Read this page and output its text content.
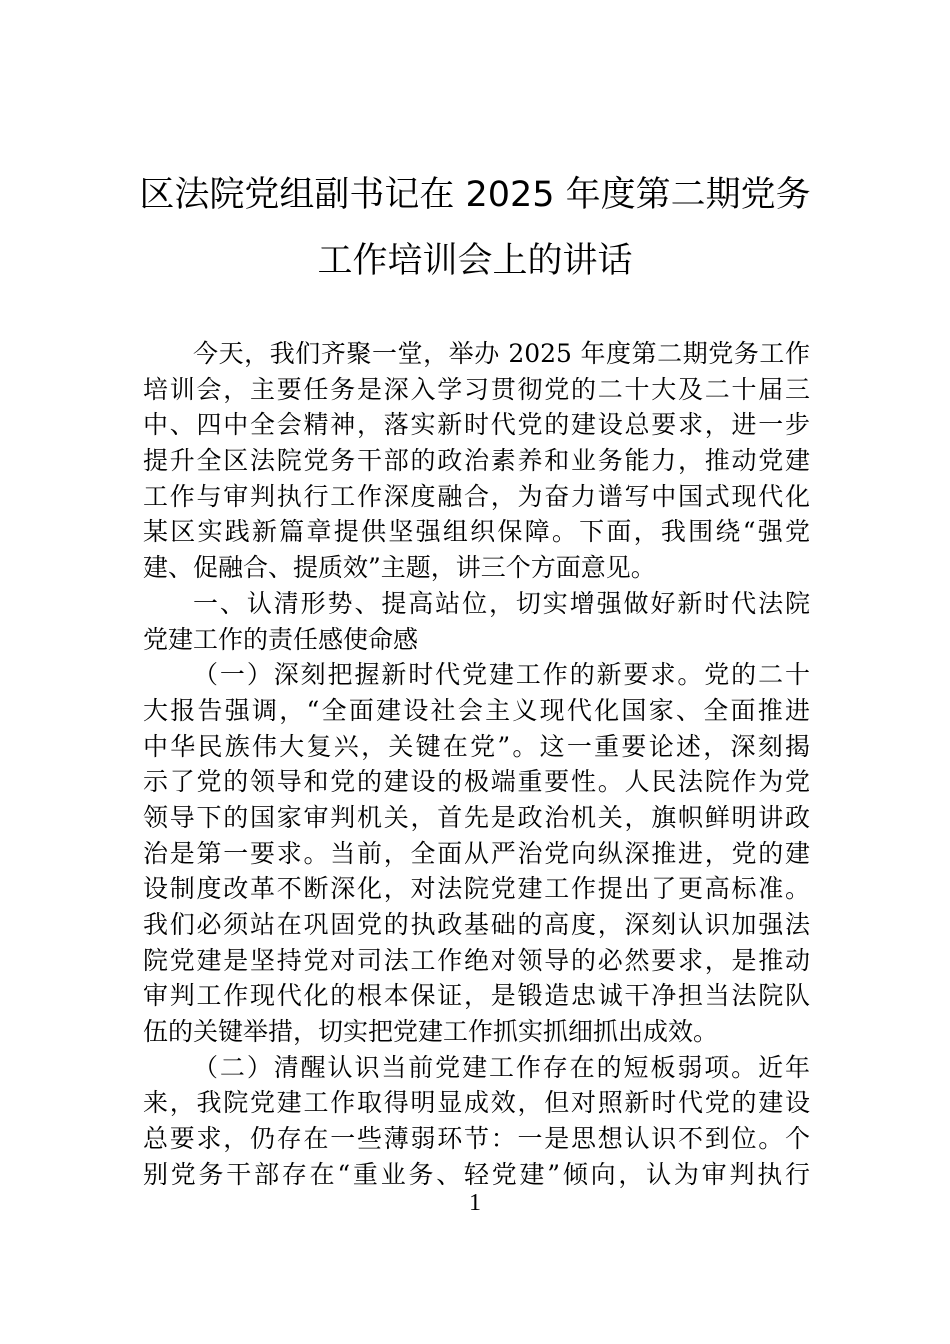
区法院党组副书记在 2025 年度第二期党务
工作培训会上的讲话
今天，我们齐聚一堂，举办 2025 年度第二期党务工作
培训会，主要任务是深入学习贯彻党的二十大及二十届三
中、四中全会精神，落实新时代党的建设总要求，进一步
提升全区法院党务干部的政治素养和业务能力，推动党建
工作与审判执行工作深度融合，为奋力谱写中国式现代化
某区实践新篇章提供坚强组织保障。下面，我围绕“强党
建、促融合、提质效”主题，讲三个方面意见。
一、认清形势、提高站位，切实增强做好新时代法院
党建工作的责任感使命感
（一）深刻把握新时代党建工作的新要求。党的二十
大报告强调，“全面建设社会主义现代化国家、全面推进
中华民族伟大复兴，关键在党”。这一重要论述，深刻揭
示了党的领导和党的建设的极端重要性。人民法院作为党
领导下的国家审判机关，首先是政治机关，旗帜鲜明讲政
治是第一要求。当前，全面从严治党向纵深推进，党的建
设制度改革不断深化，对法院党建工作提出了更高标准。
我们必须站在巩固党的执政基础的高度，深刻认识加强法
院党建是坚持党对司法工作绝对领导的必然要求，是推动
审判工作现代化的根本保证，是锻造忠诚干净担当法院队
伍的关键举措，切实把党建工作抓实抓细抓出成效。
（二）清醒认识当前党建工作存在的短板弱项。近年
来，我院党建工作取得明显成效，但对照新时代党的建设
总要求，仍存在一些薄弱环节：一是思想认识不到位。个
别党务干部存在“重业务、轻党建”倾向，认为审判执行
1
